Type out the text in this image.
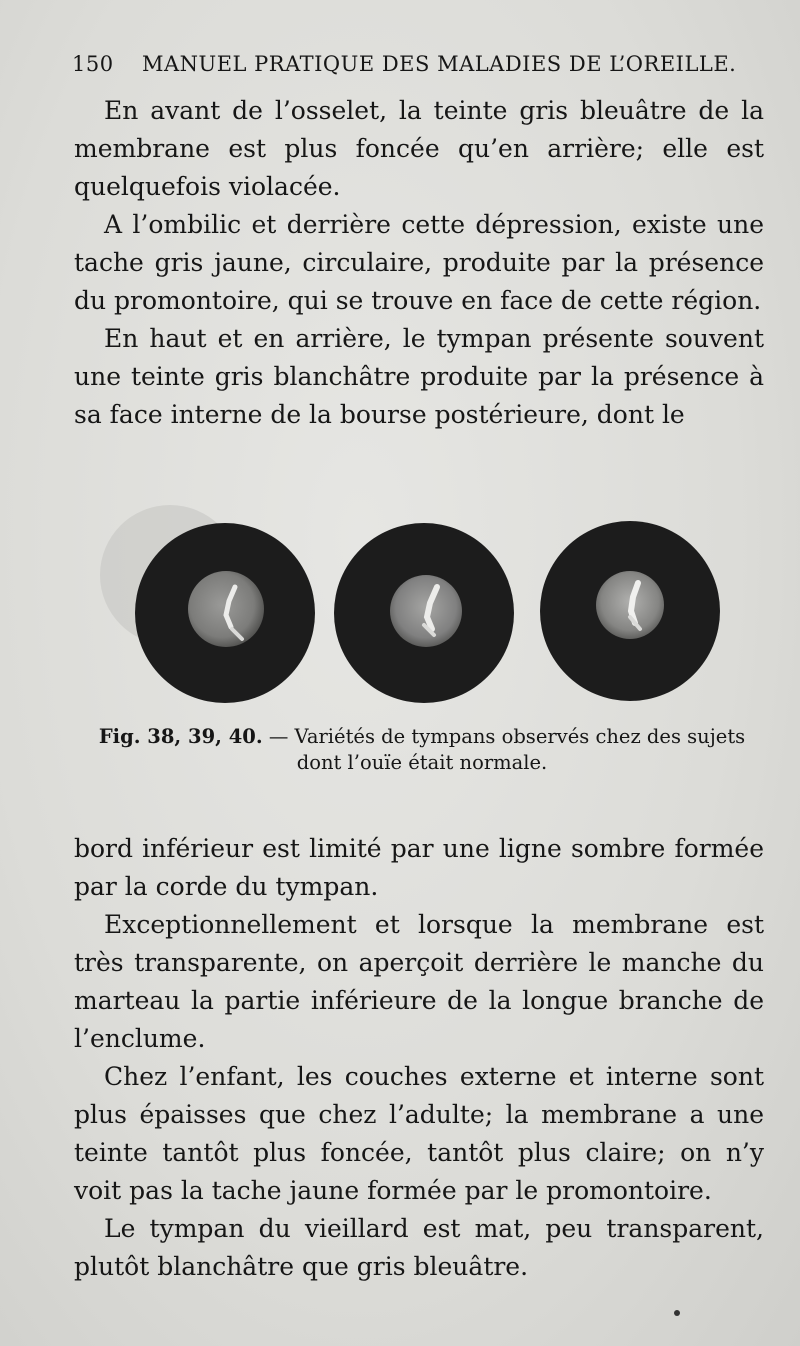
150 MANUEL PRATIQUE DES MALADIES DE L’OREILLE.

En avant de l’osselet, la teinte gris bleuâtre de la membrane est plus foncée qu’en arrière; elle est quelquefois violacée.

A l’ombilic et derrière cette dépression, existe une tache gris jaune, circulaire, produite par la présence du promontoire, qui se trouve en face de cette région.

En haut et en arrière, le tympan présente souvent une teinte gris blanchâtre produite par la présence à sa face interne de la bourse postérieure, dont le

Fig. 38, 39, 40. — Variétés de tympans observés chez des sujets dont l’ouïe était normale.

bord inférieur est limité par une ligne sombre formée par la corde du tympan.

Exceptionnellement et lorsque la membrane est très transparente, on aperçoit derrière le manche du marteau la partie inférieure de la longue branche de l’enclume.

Chez l’enfant, les couches externe et interne sont plus épaisses que chez l’adulte; la membrane a une teinte tantôt plus foncée, tantôt plus claire; on n’y voit pas la tache jaune formée par le promontoire.

Le tympan du vieillard est mat, peu transparent, plutôt blanchâtre que gris bleuâtre.
